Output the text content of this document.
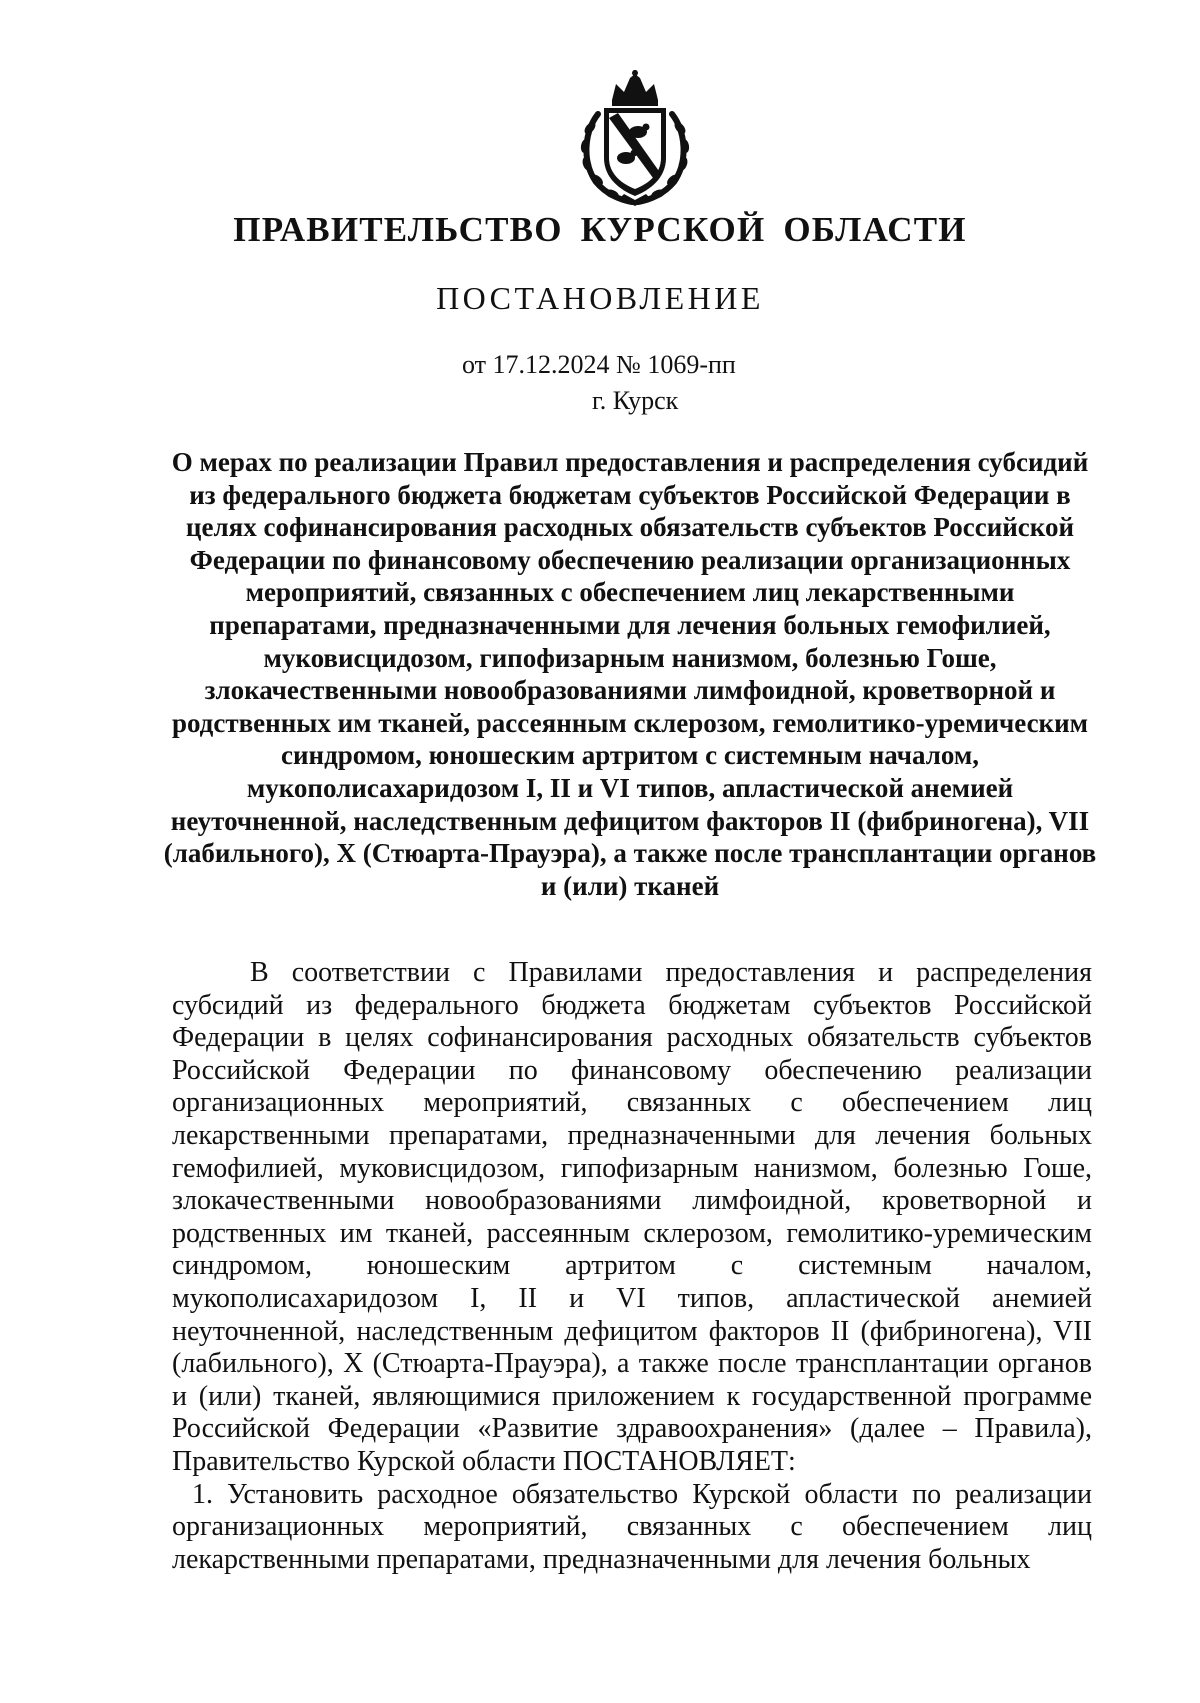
ПРАВИТЕЛЬСТВО КУРСКОЙ ОБЛАСТИ
ПОСТАНОВЛЕНИЕ
от 17.12.2024 № 1069-пп
г. Курск
О мерах по реализации Правил предоставления и распределения субсидий из федерального бюджета бюджетам субъектов Российской Федерации в целях софинансирования расходных обязательств субъектов Российской Федерации по финансовому обеспечению реализации организационных мероприятий, связанных с обеспечением лиц лекарственными препаратами, предназначенными для лечения больных гемофилией, муковисцидозом, гипофизарным нанизмом, болезнью Гоше, злокачественными новообразованиями лимфоидной, кроветворной и родственных им тканей, рассеянным склерозом, гемолитико-уремическим синдромом, юношеским артритом с системным началом, мукополисахаридозом I, II и VI типов, апластической анемией неуточненной, наследственным дефицитом факторов II (фибриногена), VII (лабильного), X (Стюарта-Прауэра), а также после трансплантации органов и (или) тканей

В соответствии с Правилами предоставления и распределения субсидий из федерального бюджета бюджетам субъектов Российской Федерации в целях софинансирования расходных обязательств субъектов Российской Федерации по финансовому обеспечению реализации организационных мероприятий, связанных с обеспечением лиц лекарственными препаратами, предназначенными для лечения больных гемофилией, муковисцидозом, гипофизарным нанизмом, болезнью Гоше, злокачественными новообразованиями лимфоидной, кроветворной и родственных им тканей, рассеянным склерозом, гемолитико-уремическим синдромом, юношеским артритом с системным началом, мукополисахаридозом I, II и VI типов, апластической анемией неуточненной, наследственным дефицитом факторов II (фибриногена), VII (лабильного), X (Стюарта-Прауэра), а также после трансплантации органов и (или) тканей, являющимися приложением к государственной программе Российской Федерации «Развитие здравоохранения» (далее – Правила), Правительство Курской области ПОСТАНОВЛЯЕТ:

1. Установить расходное обязательство Курской области по реализации организационных мероприятий, связанных с обеспечением лиц лекарственными препаратами, предназначенными для лечения больных
